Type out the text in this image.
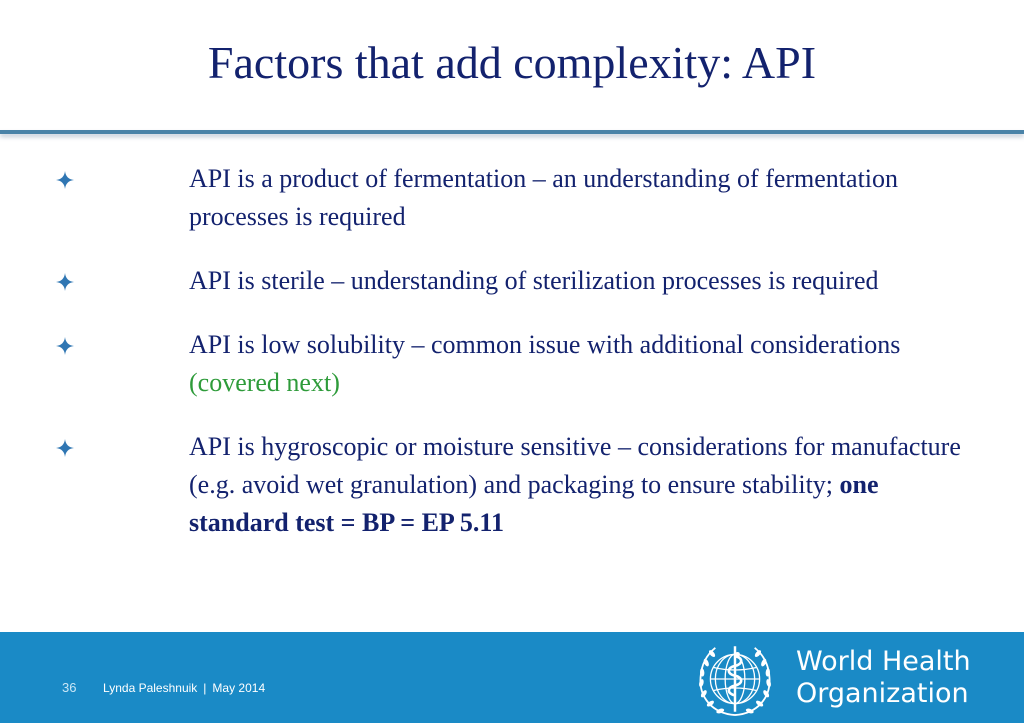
Factors that add complexity: API
API is a product of fermentation – an understanding of fermentation processes is required
API is sterile – understanding of sterilization processes is required
API is low solubility – common issue with additional considerations (covered next)
API is hygroscopic or moisture sensitive – considerations for manufacture (e.g. avoid wet granulation) and packaging to ensure stability; one standard test = BP = EP 5.11
36 Lynda Paleshnuik | May 2014
World Health
Organization
